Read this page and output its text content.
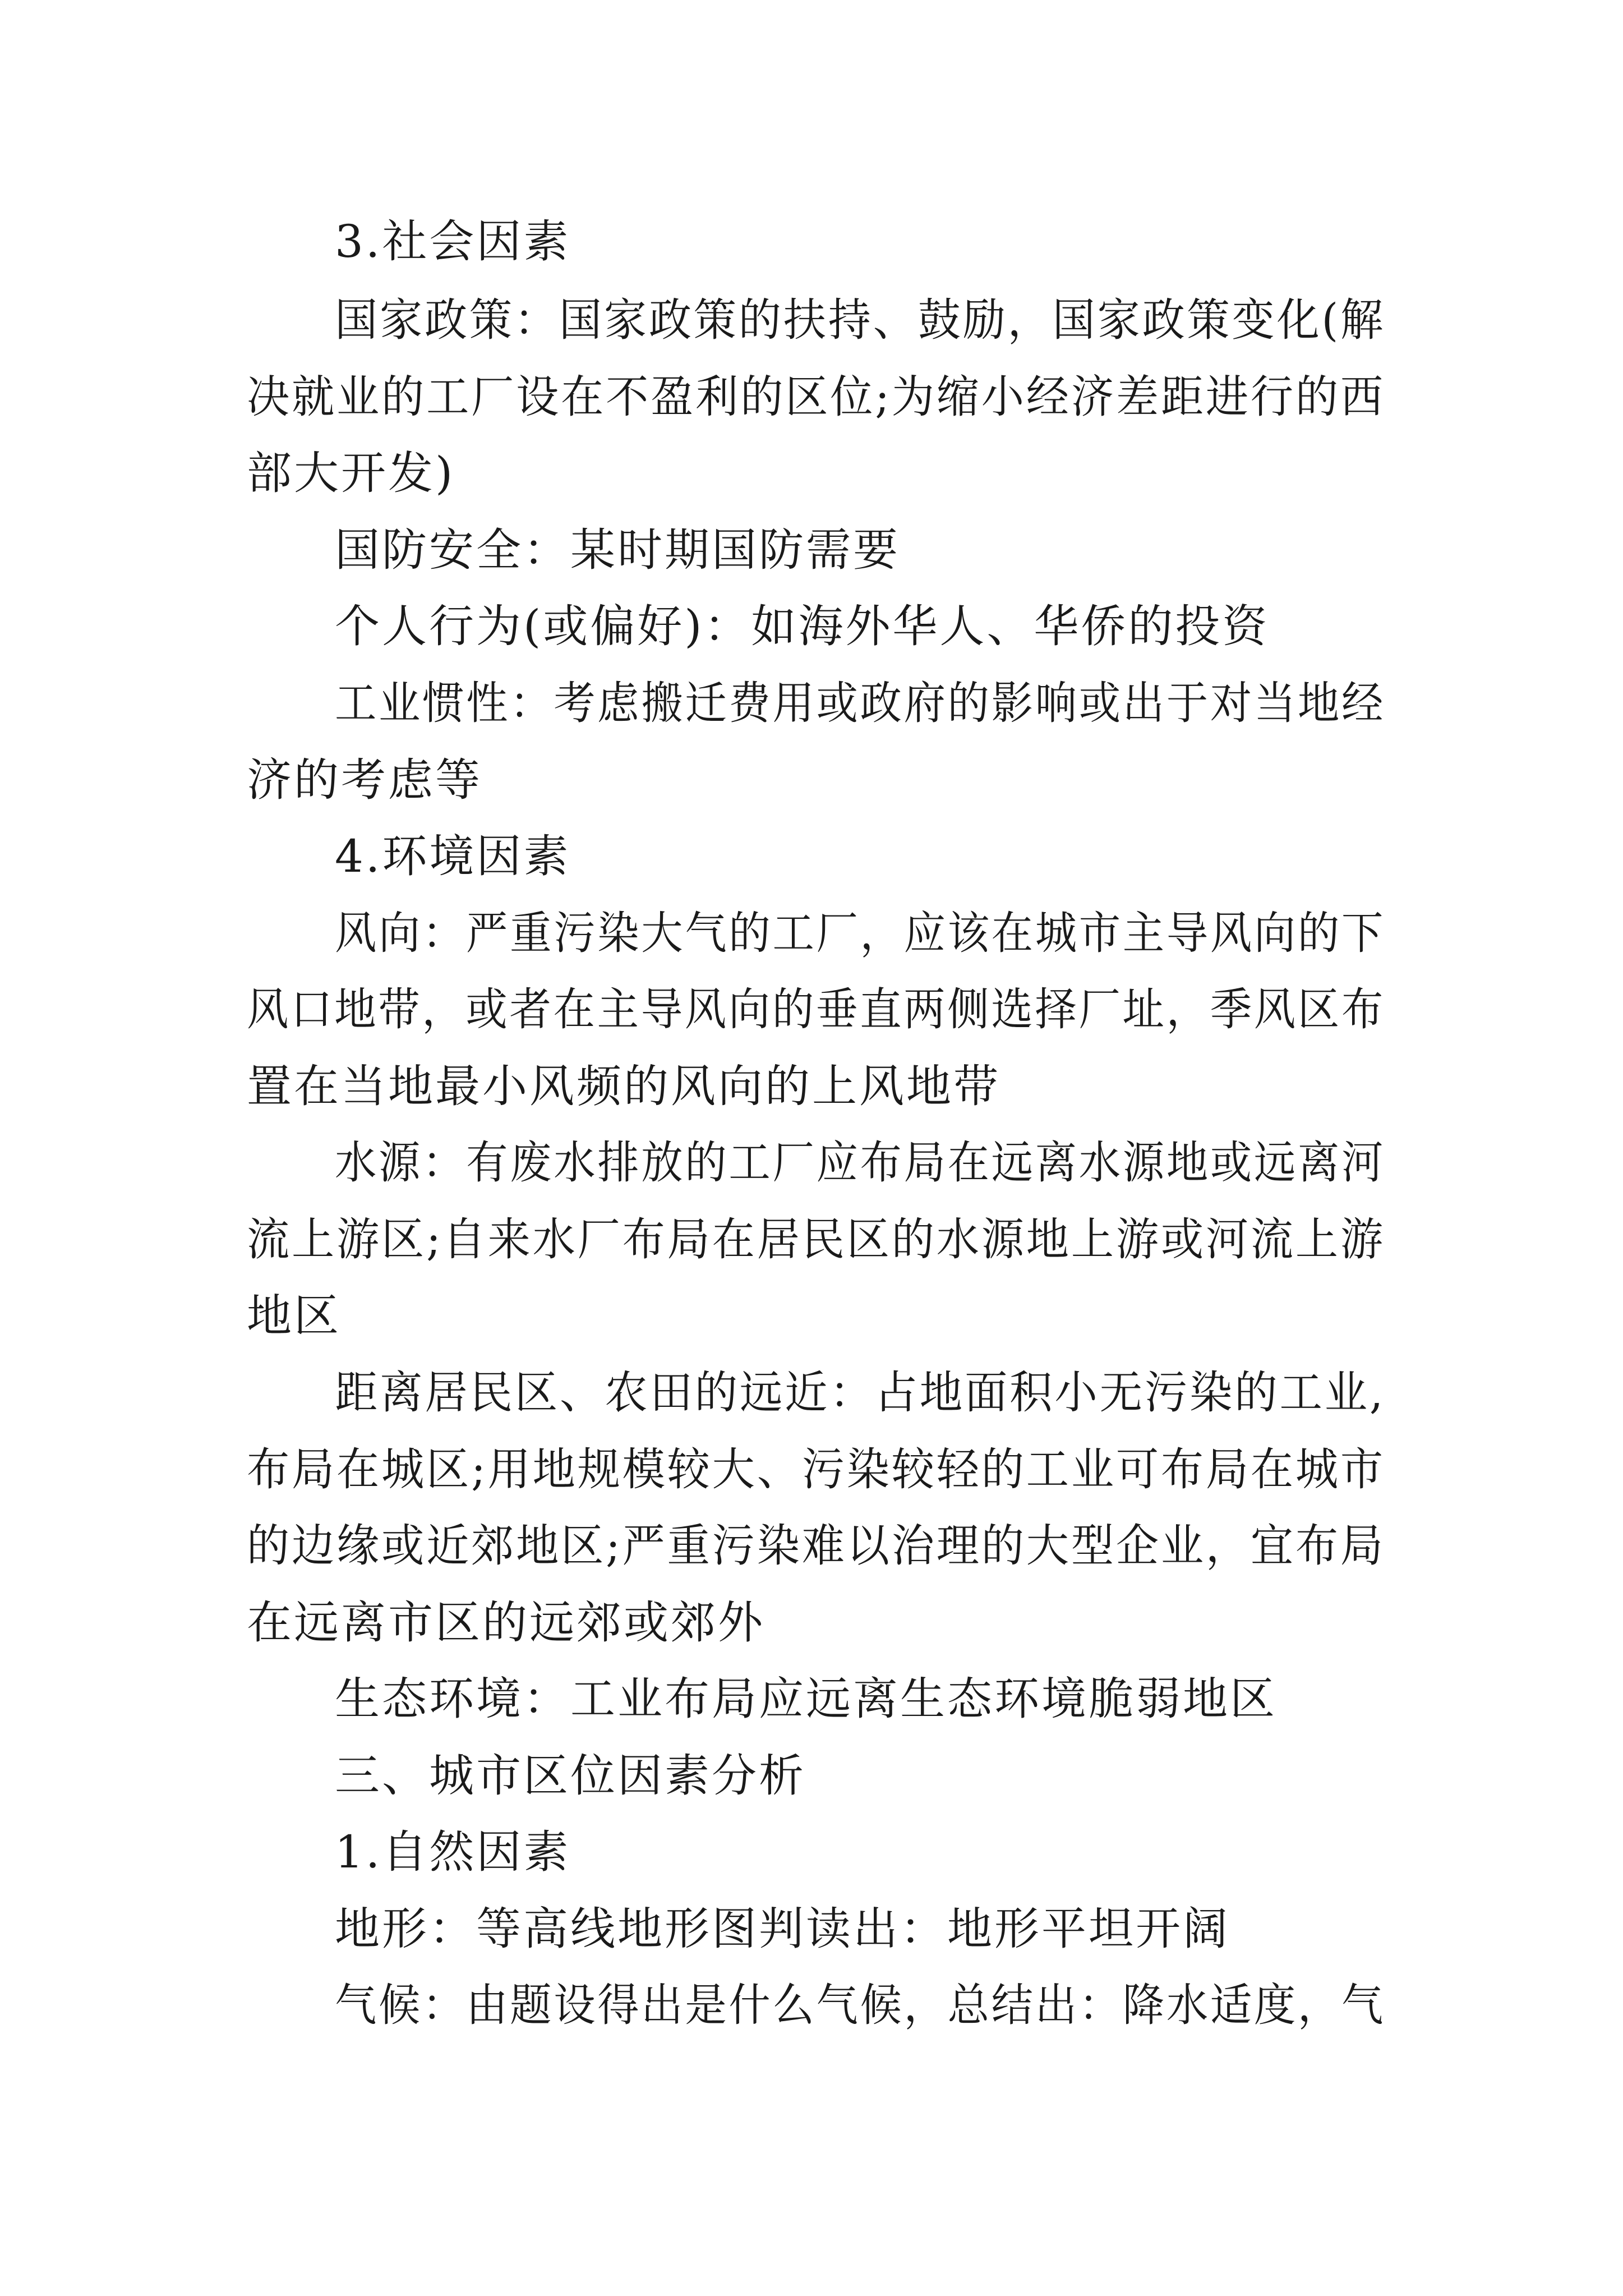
3.社会因素
国家政策：国家政策的扶持、鼓励，国家政策变化(解
决就业的工厂设在不盈利的区位;为缩小经济差距进行的西
部大开发)
国防安全：某时期国防需要
个人行为(或偏好)：如海外华人、华侨的投资
工业惯性：考虑搬迁费用或政府的影响或出于对当地经
济的考虑等
4.环境因素
风向：严重污染大气的工厂，应该在城市主导风向的下
风口地带，或者在主导风向的垂直两侧选择厂址，季风区布
置在当地最小风频的风向的上风地带
水源：有废水排放的工厂应布局在远离水源地或远离河
流上游区;自来水厂布局在居民区的水源地上游或河流上游
地区
距离居民区、农田的远近：占地面积小无污染的工业,
布局在城区;用地规模较大、污染较轻的工业可布局在城市
的边缘或近郊地区;严重污染难以治理的大型企业，宜布局
在远离市区的远郊或郊外
生态环境：工业布局应远离生态环境脆弱地区
三、城市区位因素分析
1.自然因素
地形：等高线地形图判读出：地形平坦开阔
气候：由题设得出是什么气候，总结出：降水适度，气
